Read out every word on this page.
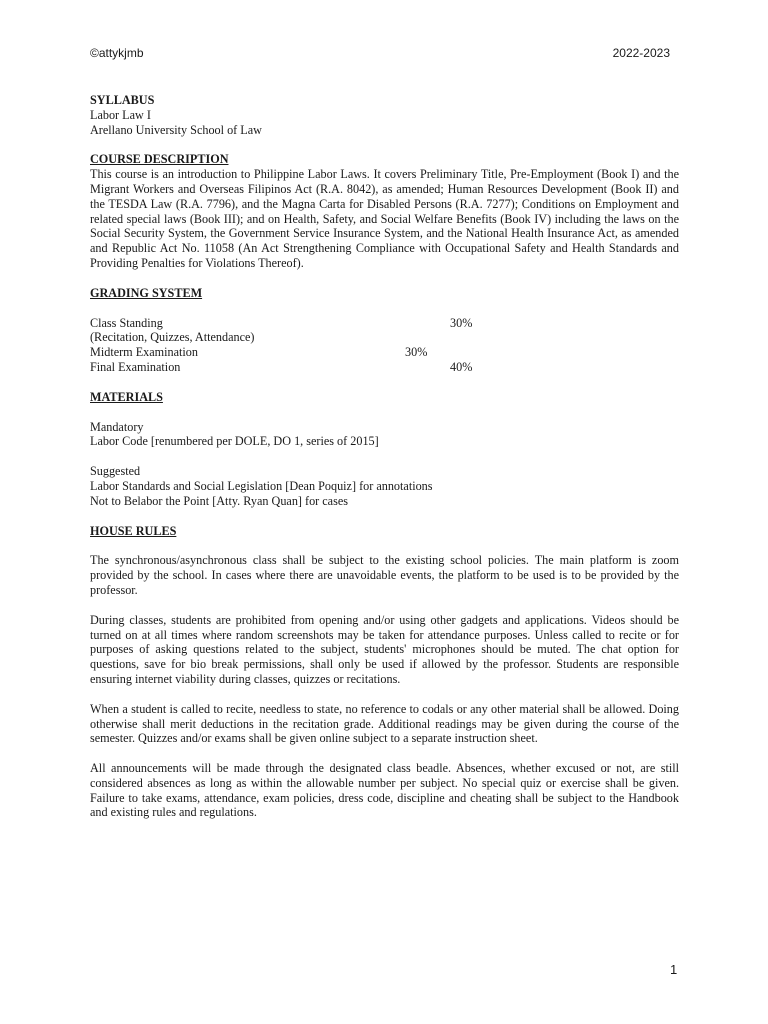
©attykjmb	2022-2023

SYLLABUS

Labor Law I

Arellano University School of Law

COURSE DESCRIPTION

This course is an introduction to Philippine Labor Laws. It covers Preliminary Title, Pre-Employment (Book I) and the Migrant Workers and Overseas Filipinos Act (R.A. 8042), as amended; Human Resources Development (Book II) and the TESDA Law (R.A. 7796), and the Magna Carta for Disabled Persons (R.A. 7277); Conditions on Employment and related special laws (Book III); and on Health, Safety, and Social Welfare Benefits (Book IV) including the laws on the Social Security System, the Government Service Insurance System, and the National Health Insurance Act, as amended and Republic Act No. 11058 (An Act Strengthening Compliance with Occupational Safety and Health Standards and Providing Penalties for Violations Thereof).

GRADING SYSTEM

Class Standing	30%
(Recitation, Quizzes, Attendance)
Midterm Examination	30%
Final Examination	40%

MATERIALS

Mandatory

Labor Code [renumbered per DOLE, DO 1, series of 2015]

Suggested

Labor Standards and Social Legislation [Dean Poquiz] for annotations

Not to Belabor the Point [Atty. Ryan Quan] for cases

HOUSE RULES

The synchronous/asynchronous class shall be subject to the existing school policies. The main platform is zoom provided by the school. In cases where there are unavoidable events, the platform to be used is to be provided by the professor.

During classes, students are prohibited from opening and/or using other gadgets and applications. Videos should be turned on at all times where random screenshots may be taken for attendance purposes. Unless called to recite or for purposes of asking questions related to the subject, students' microphones should be muted. The chat option for questions, save for bio break permissions, shall only be used if allowed by the professor. Students are responsible ensuring internet viability during classes, quizzes or recitations.

When a student is called to recite, needless to state, no reference to codals or any other material shall be allowed. Doing otherwise shall merit deductions in the recitation grade. Additional readings may be given during the course of the semester. Quizzes and/or exams shall be given online subject to a separate instruction sheet.

All announcements will be made through the designated class beadle. Absences, whether excused or not, are still considered absences as long as within the allowable number per subject. No special quiz or exercise shall be given. Failure to take exams, attendance, exam policies, dress code, discipline and cheating shall be subject to the Handbook and existing rules and regulations.

1
